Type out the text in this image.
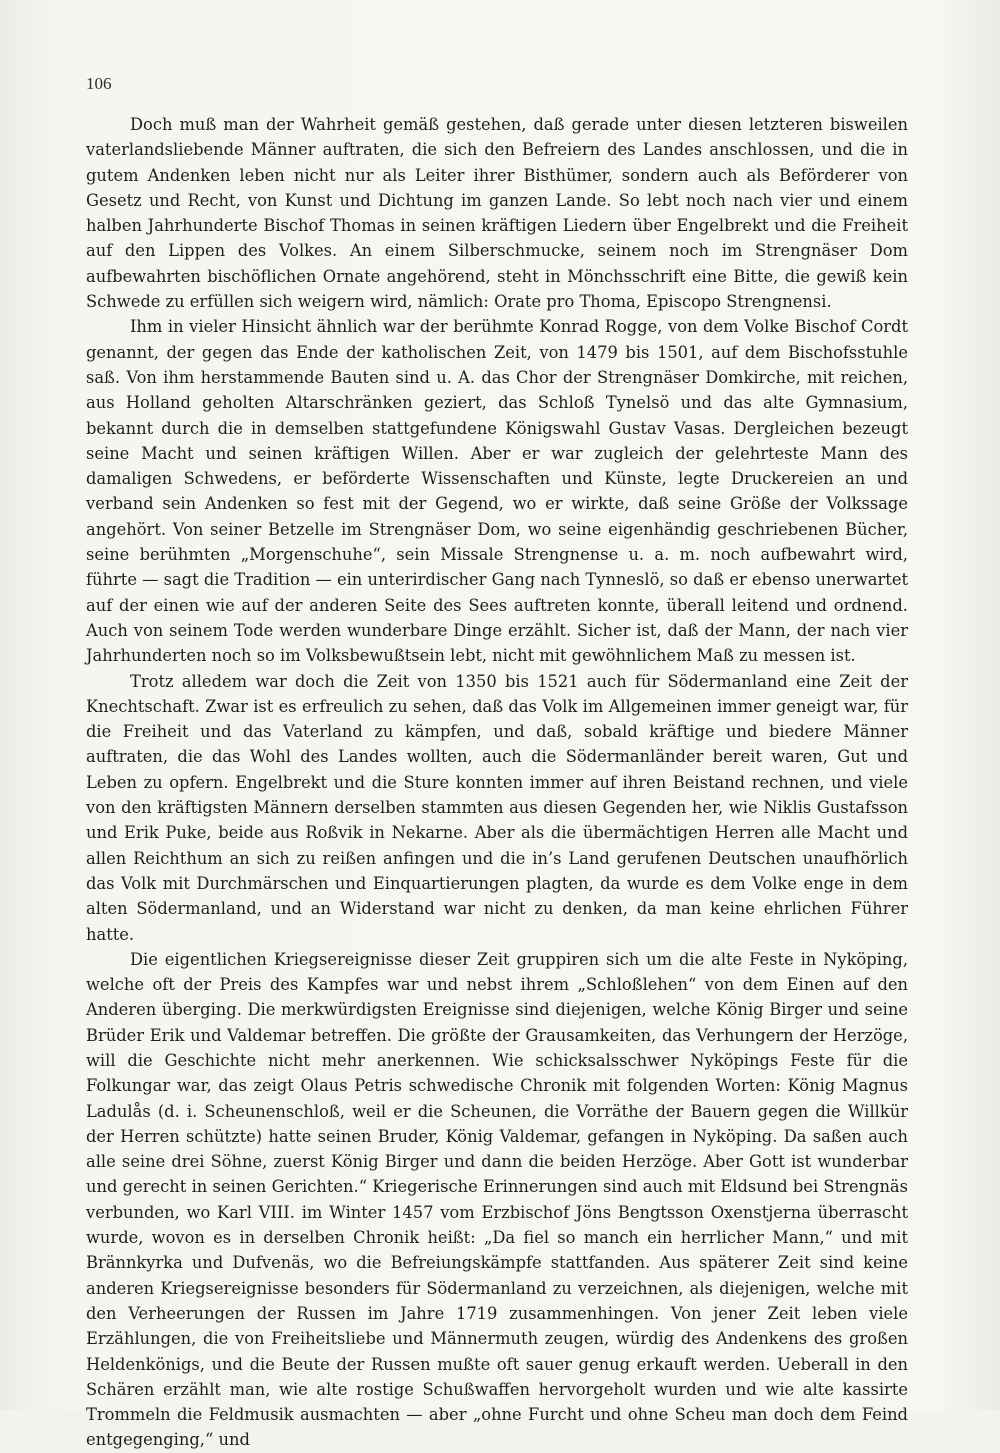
106

Doch muß man der Wahrheit gemäß gestehen, daß gerade unter diesen letzteren bisweilen vaterlandsliebende Männer auftraten, die sich den Befreiern des Landes anschlossen, und die in gutem Andenken leben nicht nur als Leiter ihrer Bisthümer, sondern auch als Beförderer von Gesetz und Recht, von Kunst und Dichtung im ganzen Lande. So lebt noch nach vier und einem halben Jahrhunderte Bischof Thomas in seinen kräftigen Liedern über Engelbrekt und die Freiheit auf den Lippen des Volkes. An einem Silberschmucke, seinem noch im Strengnäser Dom aufbewahrten bischöflichen Ornate angehörend, steht in Mönchsschrift eine Bitte, die gewiß kein Schwede zu erfüllen sich weigern wird, nämlich: Orate pro Thoma, Episcopo Strengnensi.

Ihm in vieler Hinsicht ähnlich war der berühmte Konrad Rogge, von dem Volke Bischof Cordt genannt, der gegen das Ende der katholischen Zeit, von 1479 bis 1501, auf dem Bischofsstuhle saß. Von ihm herstammende Bauten sind u. A. das Chor der Strengnäser Domkirche, mit reichen, aus Holland geholten Altarschränken geziert, das Schloß Tynelsö und das alte Gymnasium, bekannt durch die in demselben stattgefundene Königswahl Gustav Vasas. Dergleichen bezeugt seine Macht und seinen kräftigen Willen. Aber er war zugleich der gelehrteste Mann des damaligen Schwedens, er beförderte Wissenschaften und Künste, legte Druckereien an und verband sein Andenken so fest mit der Gegend, wo er wirkte, daß seine Größe der Volkssage angehört. Von seiner Betzelle im Strengnäser Dom, wo seine eigenhändig geschriebenen Bücher, seine berühmten „Morgenschuhe“, sein Missale Strengnense u. a. m. noch aufbewahrt wird, führte — sagt die Tradition — ein unterirdischer Gang nach Tynneslö, so daß er ebenso unerwartet auf der einen wie auf der anderen Seite des Sees auftreten konnte, überall leitend und ordnend. Auch von seinem Tode werden wunderbare Dinge erzählt. Sicher ist, daß der Mann, der nach vier Jahrhunderten noch so im Volksbewußtsein lebt, nicht mit gewöhnlichem Maß zu messen ist.

Trotz alledem war doch die Zeit von 1350 bis 1521 auch für Södermanland eine Zeit der Knechtschaft. Zwar ist es erfreulich zu sehen, daß das Volk im Allgemeinen immer geneigt war, für die Freiheit und das Vaterland zu kämpfen, und daß, sobald kräftige und biedere Männer auftraten, die das Wohl des Landes wollten, auch die Södermanländer bereit waren, Gut und Leben zu opfern. Engelbrekt und die Sture konnten immer auf ihren Beistand rechnen, und viele von den kräftigsten Männern derselben stammten aus diesen Gegenden her, wie Niklis Gustafsson und Erik Puke, beide aus Roßvik in Nekarne. Aber als die übermächtigen Herren alle Macht und allen Reichthum an sich zu reißen anfingen und die in’s Land gerufenen Deutschen unaufhörlich das Volk mit Durchmärschen und Einquartierungen plagten, da wurde es dem Volke enge in dem alten Södermanland, und an Widerstand war nicht zu denken, da man keine ehrlichen Führer hatte.

Die eigentlichen Kriegsereignisse dieser Zeit gruppiren sich um die alte Feste in Nyköping, welche oft der Preis des Kampfes war und nebst ihrem „Schloßlehen“ von dem Einen auf den Anderen überging. Die merkwürdigsten Ereignisse sind diejenigen, welche König Birger und seine Brüder Erik und Valdemar betreffen. Die größte der Grausamkeiten, das Verhungern der Herzöge, will die Geschichte nicht mehr anerkennen. Wie schicksalsschwer Nyköpings Feste für die Folkungar war, das zeigt Olaus Petris schwedische Chronik mit folgenden Worten: König Magnus Ladulås (d. i. Scheunenschloß, weil er die Scheunen, die Vorräthe der Bauern gegen die Willkür der Herren schützte) hatte seinen Bruder, König Valdemar, gefangen in Nyköping. Da saßen auch alle seine drei Söhne, zuerst König Birger und dann die beiden Herzöge. Aber Gott ist wunderbar und gerecht in seinen Gerichten.“ Kriegerische Erinnerungen sind auch mit Eldsund bei Strengnäs verbunden, wo Karl VIII. im Winter 1457 vom Erzbischof Jöns Bengtsson Oxenstjerna überrascht wurde, wovon es in derselben Chronik heißt: „Da fiel so manch ein herrlicher Mann,“ und mit Brännkyrka und Dufvenäs, wo die Befreiungskämpfe stattfanden. Aus späterer Zeit sind keine anderen Kriegsereignisse besonders für Södermanland zu verzeichnen, als diejenigen, welche mit den Verheerungen der Russen im Jahre 1719 zusammenhingen. Von jener Zeit leben viele Erzählungen, die von Freiheitsliebe und Männermuth zeugen, würdig des Andenkens des großen Heldenkönigs, und die Beute der Russen mußte oft sauer genug erkauft werden. Ueberall in den Schären erzählt man, wie alte rostige Schußwaffen hervorgeholt wurden und wie alte kassirte Trommeln die Feldmusik ausmachten — aber „ohne Furcht und ohne Scheu man doch dem Feind entgegenging,“ und
